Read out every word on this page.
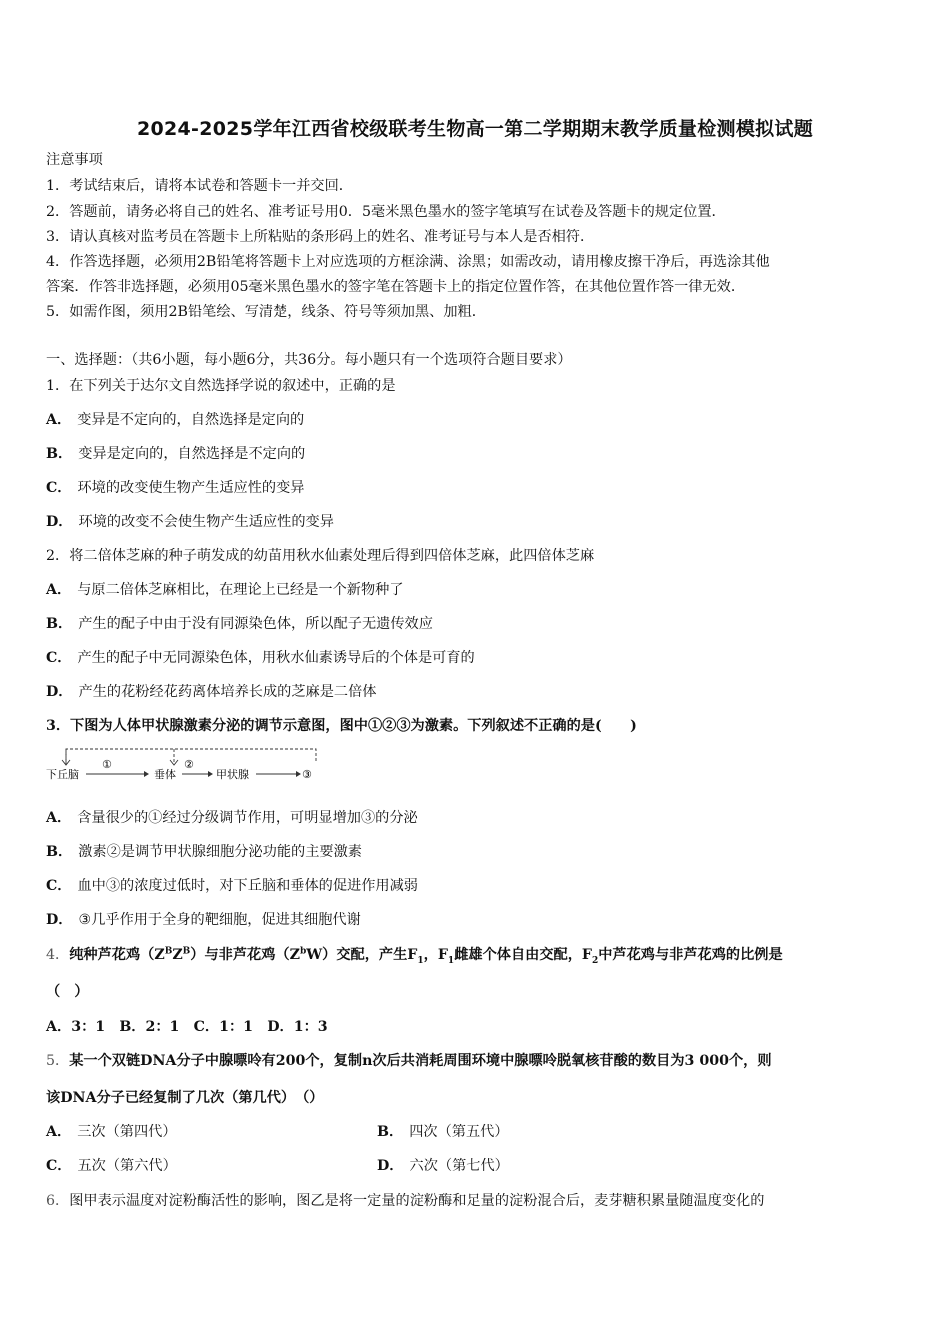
2024-2025学年江西省校级联考生物高一第二学期期末教学质量检测模拟试题
注意事项
1．考试结束后，请将本试卷和答题卡一并交回．
2．答题前，请务必将自己的姓名、准考证号用0．5毫米黑色墨水的签字笔填写在试卷及答题卡的规定位置．
3．请认真核对监考员在答题卡上所粘贴的条形码上的姓名、准考证号与本人是否相符．
4．作答选择题，必须用2B铅笔将答题卡上对应选项的方框涂满、涂黑；如需改动，请用橡皮擦干净后，再选涂其他
答案．作答非选择题，必须用05毫米黑色墨水的签字笔在答题卡上的指定位置作答，在其他位置作答一律无效．
5．如需作图，须用2B铅笔绘、写清楚，线条、符号等须加黑、加粗．
一、选择题：（共6小题，每小题6分，共36分。每小题只有一个选项符合题目要求）
1．在下列关于达尔文自然选择学说的叙述中，正确的是
A． 变异是不定向的，自然选择是定向的
B． 变异是定向的，自然选择是不定向的
C． 环境的改变使生物产生适应性的变异
D． 环境的改变不会使生物产生适应性的变异
2．将二倍体芝麻的种子萌发成的幼苗用秋水仙素处理后得到四倍体芝麻，此四倍体芝麻
A． 与原二倍体芝麻相比，在理论上已经是一个新物种了
B． 产生的配子中由于没有同源染色体，所以配子无遗传效应
C． 产生的配子中无同源染色体，用秋水仙素诱导后的个体是可育的
D． 产生的花粉经花药离体培养长成的芝麻是二倍体
3．下图为人体甲状腺激素分泌的调节示意图，图中①②③为激素。下列叙述不正确的是(　　)
下丘脑
①
垂体
②
甲状腺	③
A． 含量很少的①经过分级调节作用，可明显增加③的分泌
B． 激素②是调节甲状腺细胞分泌功能的主要激素
C． 血中③的浓度过低时，对下丘脑和垂体的促进作用减弱
D． ③几乎作用于全身的靶细胞，促进其细胞代谢
4．纯种芦花鸡$(Z^BZ^B)$与非芦花鸡$(Z^bW)$交配，产生$F_1$，$F_1$雌雄个体自由交配，$F_2$中芦花鸡与非芦花鸡的比例是
（　）
A．3：1　B．2：1　C．1：1　D．1：3
5．某一个双链DNA分子中腺嘌呤有200个，复制n次后共消耗周围环境中腺嘌呤脱氧核苷酸的数目为3 000个，则
该DNA分子已经复制了几次（第几代）　（）
A． 三次（第四代）	B． 四次（第五代）
C． 五次（第六代）	D． 六次（第七代）
6．图甲表示温度对淀粉酶活性的影响，图乙是将一定量的淀粉酶和足量的淀粉混合后，麦芽糖积累量随温度变化的
